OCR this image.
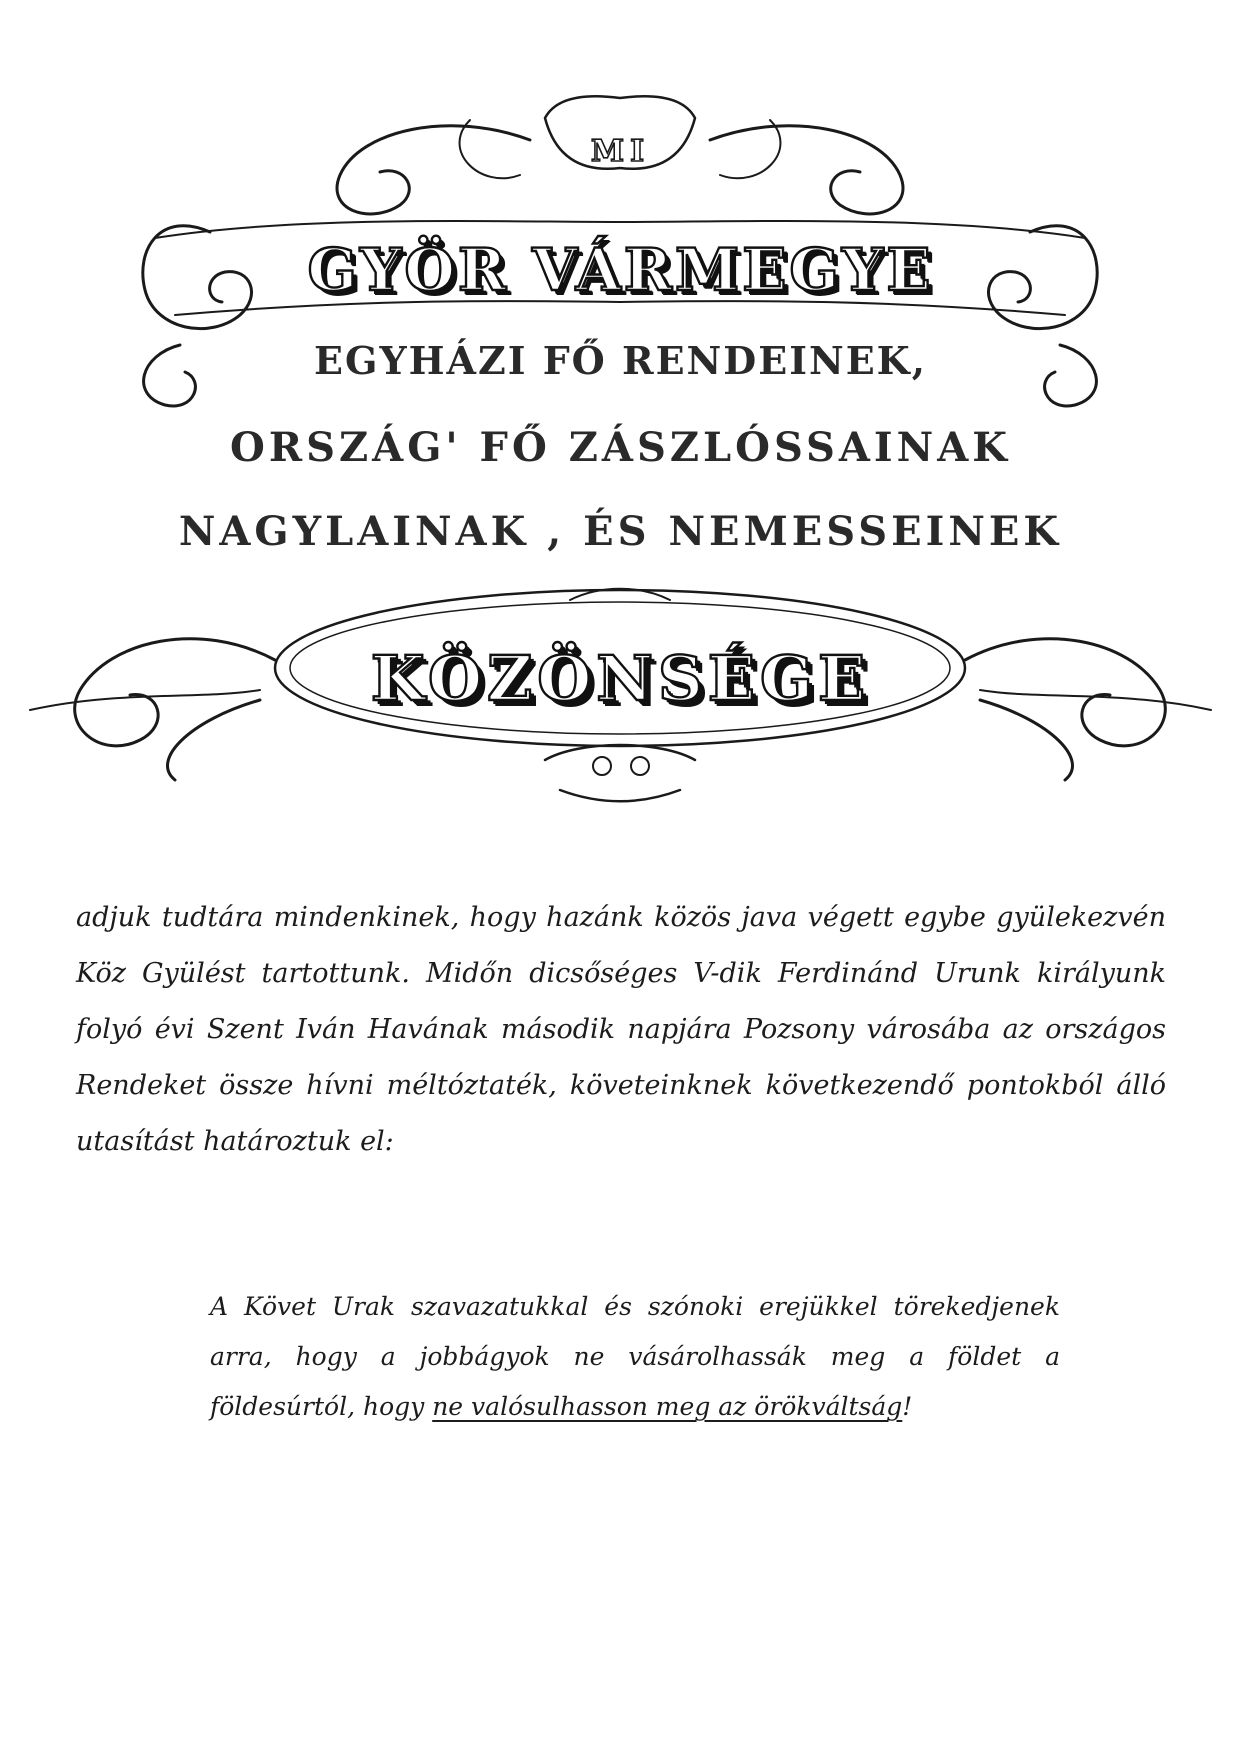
MI
GYÖR VÁRMEGYE
EGYHÁZI FŐ RENDEINEK,
ORSZÁG' FŐ ZÁSZLÓSSAINAK
NAGYLAINAK , ÉS NEMESSEINEK
KÖZÖNSÉGE

adjuk tudtára mindenkinek, hogy hazánk közös java végett egybe gyülekezvén Köz Gyülést tartottunk. Midőn dicsőséges V-dik Ferdinánd Urunk királyunk folyó évi Szent Iván Havának második napjára Pozsony városába az országos Rendeket össze hívni méltóztaték, követeinknek következendő pontokból álló utasítást határoztuk el:

A Követ Urak szavazatukkal és szónoki erejükkel törekedjenek arra, hogy a jobbágyok ne vásárolhassák meg a földet a földesúrtól, hogy ne valósulhasson meg az örökváltság!
